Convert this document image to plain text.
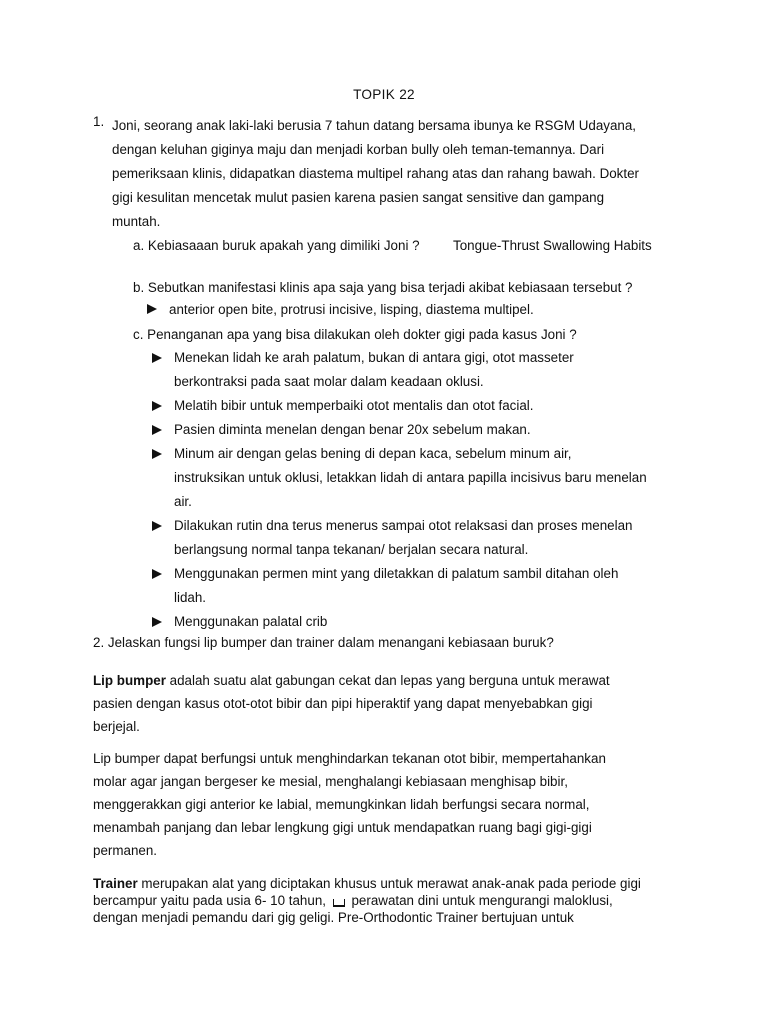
TOPIK 22
1. Joni, seorang anak laki-laki berusia 7 tahun datang bersama ibunya ke RSGM Udayana,
dengan keluhan giginya maju dan menjadi korban bully oleh teman-temannya. Dari
pemeriksaan klinis, didapatkan diastema multipel rahang atas dan rahang bawah. Dokter
gigi kesulitan mencetak mulut pasien karena pasien sangat sensitive dan gampang
muntah.
a. Kebiasaaan buruk apakah yang dimiliki Joni ? Tongue-Thrust Swallowing Habits
b. Sebutkan manifestasi klinis apa saja yang bisa terjadi akibat kebiasaan tersebut ?
anterior open bite, protrusi incisive, lisping, diastema multipel.
c. Penanganan apa yang bisa dilakukan oleh dokter gigi pada kasus Joni ?
Menekan lidah ke arah palatum, bukan di antara gigi, otot masseter
berkontraksi pada saat molar dalam keadaan oklusi.
Melatih bibir untuk memperbaiki otot mentalis dan otot facial.
Pasien diminta menelan dengan benar 20x sebelum makan.
Minum air dengan gelas bening di depan kaca, sebelum minum air,
instruksikan untuk oklusi, letakkan lidah di antara papilla incisivus baru menelan
air.
Dilakukan rutin dna terus menerus sampai otot relaksasi dan proses menelan
berlangsung normal tanpa tekanan/ berjalan secara natural.
Menggunakan permen mint yang diletakkan di palatum sambil ditahan oleh
lidah.
Menggunakan palatal crib
2. Jelaskan fungsi lip bumper dan trainer dalam menangani kebiasaan buruk?
Lip bumper adalah suatu alat gabungan cekat dan lepas yang berguna untuk merawat
pasien dengan kasus otot-otot bibir dan pipi hiperaktif yang dapat menyebabkan gigi
berjejal.
Lip bumper dapat berfungsi untuk menghindarkan tekanan otot bibir, mempertahankan
molar agar jangan bergeser ke mesial, menghalangi kebiasaan menghisap bibir,
menggerakkan gigi anterior ke labial, memungkinkan lidah berfungsi secara normal,
menambah panjang dan lebar lengkung gigi untuk mendapatkan ruang bagi gigi-gigi
permanen.
Trainer merupakan alat yang diciptakan khusus untuk merawat anak-anak pada periode gigi
bercampur yaitu pada usia 6- 10 tahun, perawatan dini untuk mengurangi maloklusi,
dengan menjadi pemandu dari gig geligi. Pre-Orthodontic Trainer bertujuan untuk
